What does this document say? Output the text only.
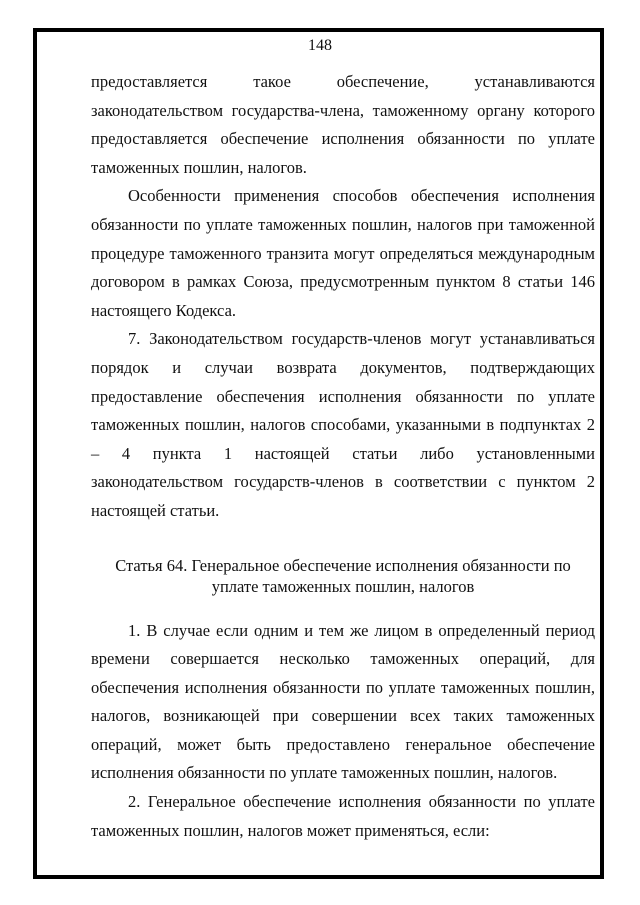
148

предоставляется такое обеспечение, устанавливаются законодательством государства-члена, таможенному органу которого предоставляется обеспечение исполнения обязанности по уплате таможенных пошлин, налогов.

Особенности применения способов обеспечения исполнения обязанности по уплате таможенных пошлин, налогов при таможенной процедуре таможенного транзита могут определяться международным договором в рамках Союза, предусмотренным пунктом 8 статьи 146 настоящего Кодекса.

7. Законодательством государств-членов могут устанавливаться порядок и случаи возврата документов, подтверждающих предоставление обеспечения исполнения обязанности по уплате таможенных пошлин, налогов способами, указанными в подпунктах 2 – 4 пункта 1 настоящей статьи либо установленными законодательством государств-членов в соответствии с пунктом 2 настоящей статьи.

Статья 64. Генеральное обеспечение исполнения обязанности по уплате таможенных пошлин, налогов

1. В случае если одним и тем же лицом в определенный период времени совершается несколько таможенных операций, для обеспечения исполнения обязанности по уплате таможенных пошлин, налогов, возникающей при совершении всех таких таможенных операций, может быть предоставлено генеральное обеспечение исполнения обязанности по уплате таможенных пошлин, налогов.

2. Генеральное обеспечение исполнения обязанности по уплате таможенных пошлин, налогов может применяться, если:
